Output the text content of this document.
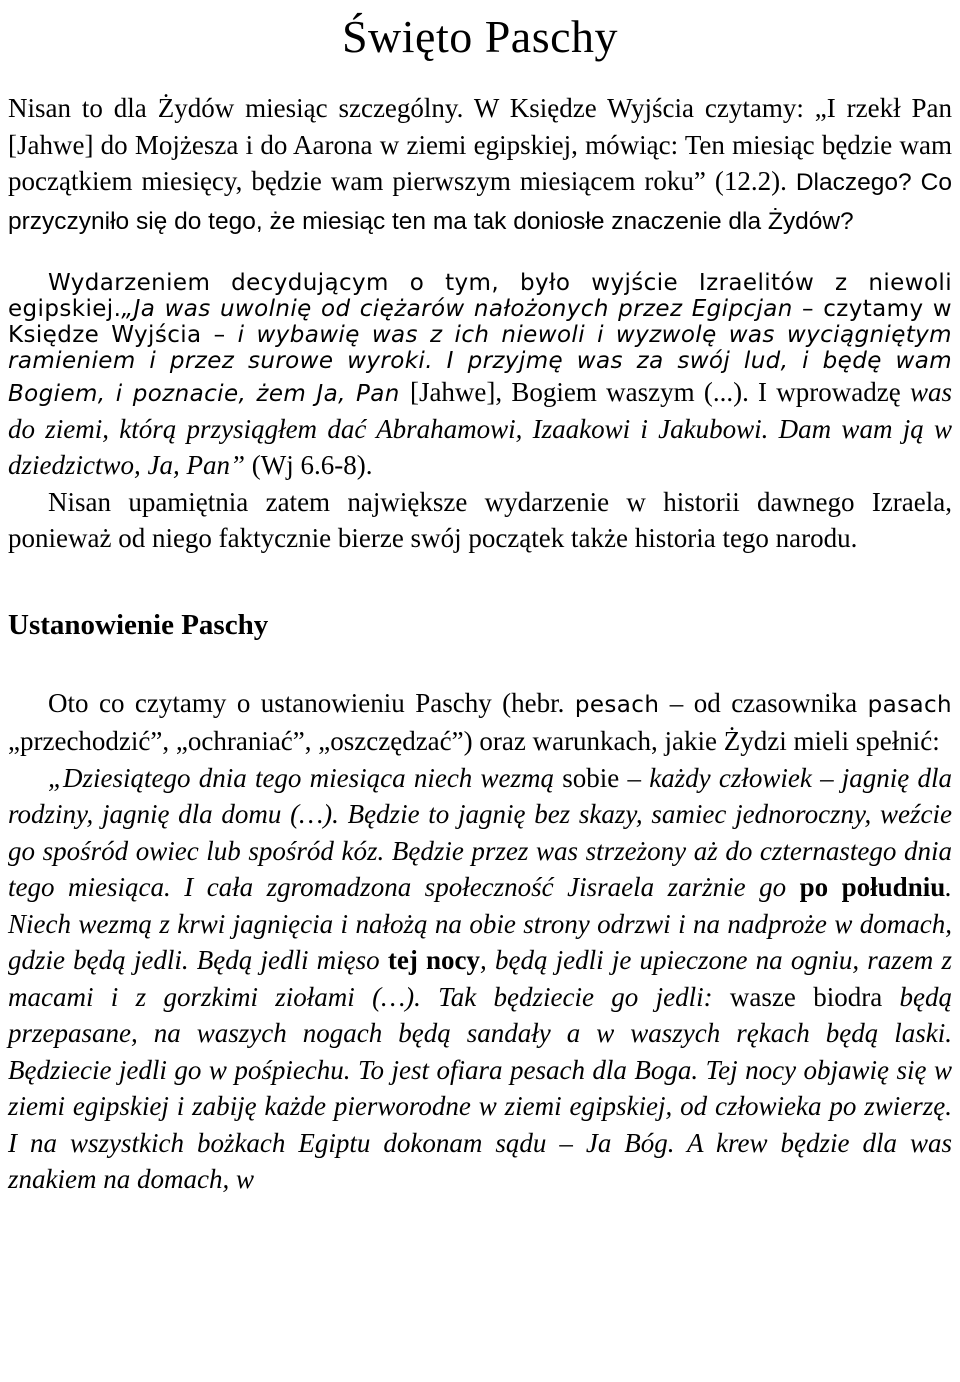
Święto Paschy

Nisan to dla Żydów miesiąc szczególny. W Księdze Wyjścia czytamy: „I rzekł Pan [Jahwe] do Mojżesza i do Aarona w ziemi egipskiej, mówiąc: Ten miesiąc będzie wam początkiem miesięcy, będzie wam pierwszym miesiącem roku” (12.2). Dlaczego? Co przyczyniło się do tego, że miesiąc ten ma tak doniosłe znaczenie dla Żydów?

Wydarzeniem decydującym o tym, było wyjście Izraelitów z niewoli egipskiej.„Ja was uwolnię od ciężarów nałożonych przez Egipcjan – czytamy w Księdze Wyjścia – i wybawię was z ich niewoli i wyzwolę was wyciągniętym ramieniem i przez surowe wyroki. I przyjmę was za swój lud, i będę wam Bogiem, i poznacie, żem Ja, Pan [Jahwe], Bogiem waszym (...). I wprowadzę was do ziemi, którą przysiągłem dać Abrahamowi, Izaakowi i Jakubowi. Dam wam ją w dziedzictwo, Ja, Pan” (Wj 6.6-8).

Nisan upamiętnia zatem największe wydarzenie w historii dawnego Izraela, ponieważ od niego faktycznie bierze swój początek także historia tego narodu.

Ustanowienie Paschy

Oto co czytamy o ustanowieniu Paschy (hebr. pesach – od czasownika pasach „przechodzić”, „ochraniać”, „oszczędzać”) oraz warunkach, jakie Żydzi mieli spełnić:

„Dziesiątego dnia tego miesiąca niech wezmą sobie – każdy człowiek – jagnię dla rodziny, jagnię dla domu (…). Będzie to jagnię bez skazy, samiec jednoroczny, weźcie go spośród owiec lub spośród kóz. Będzie przez was strzeżony aż do czternastego dnia tego miesiąca. I cała zgromadzona społeczność Jisraela zarżnie go po południu. Niech wezmą z krwi jagnięcia i nałożą na obie strony odrzwi i na nadproże w domach, gdzie będą jedli. Będą jedli mięso tej nocy, będą jedli je upieczone na ogniu, razem z macami i z gorzkimi ziołami (…). Tak będziecie go jedli: wasze biodra będą przepasane, na waszych nogach będą sandały a w waszych rękach będą laski. Będziecie jedli go w pośpiechu. To jest ofiara pesach dla Boga. Tej nocy objawię się w ziemi egipskiej i zabiję każde pierworodne w ziemi egipskiej, od człowieka po zwierzę. I na wszystkich bożkach Egiptu dokonam sądu – Ja Bóg. A krew będzie dla was znakiem na domach, w
